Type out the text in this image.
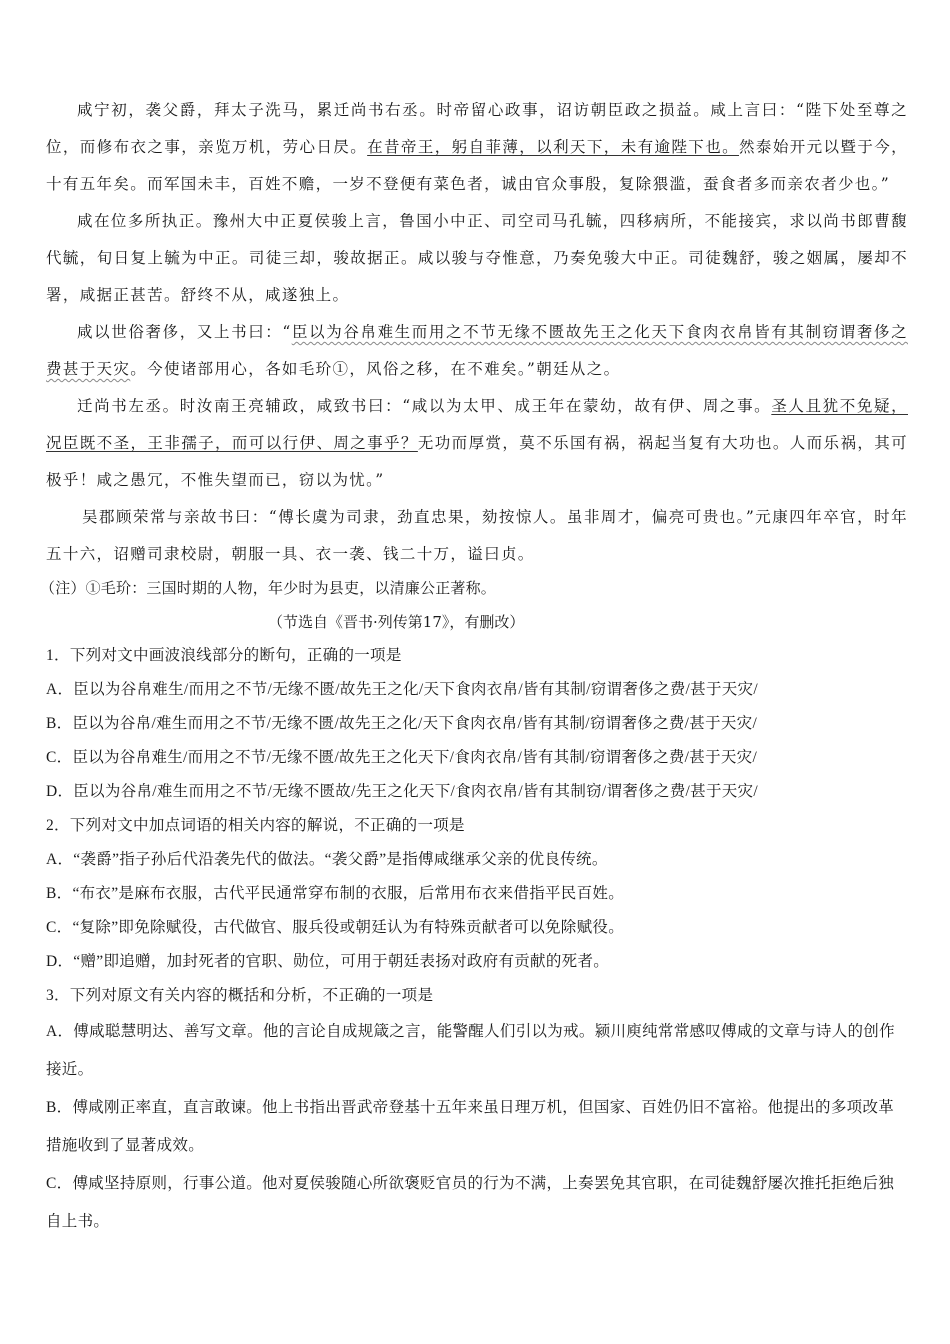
咸宁初，袭父爵，拜太子洗马，累迁尚书右丞。时帝留心政事，诏访朝臣政之损益。咸上言曰：“陛下处至尊之位，而修布衣之事，亲览万机，劳心日昃。在昔帝王，躬自菲薄，以利天下，未有逾陛下也。然泰始开元以暨于今，十有五年矣。而军国未丰，百姓不赡，一岁不登便有菜色者，诚由官众事殷，复除猥滥，蚕食者多而亲农者少也。”

咸在位多所执正。豫州大中正夏侯骏上言，鲁国小中正、司空司马孔毓，四移病所，不能接宾，求以尚书郎曹馥代毓，旬日复上毓为中正。司徒三却，骏故据正。咸以骏与夺惟意，乃奏免骏大中正。司徒魏舒，骏之姻属，屡却不署，咸据正甚苦。舒终不从，咸遂独上。

咸以世俗奢侈，又上书曰：“臣以为谷帛难生而用之不节无缘不匮故先王之化天下食肉衣帛皆有其制窃谓奢侈之费甚于天灾。今使诸部用心，各如毛玠①，风俗之移，在不难矣。”朝廷从之。

迁尚书左丞。时汝南王亮辅政，咸致书曰：“咸以为太甲、成王年在蒙幼，故有伊、周之事。圣人且犹不免疑，况臣既不圣，王非孺子，而可以行伊、周之事乎？无功而厚赏，莫不乐国有祸，祸起当复有大功也。人而乐祸，其可极乎！咸之愚冗，不惟失望而已，窃以为忧。”

吴郡顾荣常与亲故书曰：“傅长虞为司隶，劲直忠果，劾按惊人。虽非周才，偏亮可贵也。”元康四年卒官，时年五十六，诏赠司隶校尉，朝服一具、衣一袭、钱二十万，谥曰贞。

（注）①毛玠：三国时期的人物，年少时为县吏，以清廉公正著称。

（节选自《晋书·列传第17》，有删改）

1．下列对文中画波浪线部分的断句，正确的一项是

A．臣以为谷帛难生/而用之不节/无缘不匮/故先王之化/天下食肉衣帛/皆有其制/窃谓奢侈之费/甚于天灾/

B．臣以为谷帛/难生而用之不节/无缘不匮/故先王之化/天下食肉衣帛/皆有其制/窃谓奢侈之费/甚于天灾/

C．臣以为谷帛难生/而用之不节/无缘不匮/故先王之化天下/食肉衣帛/皆有其制/窃谓奢侈之费/甚于天灾/

D．臣以为谷帛/难生而用之不节/无缘不匮故/先王之化天下/食肉衣帛/皆有其制窃/谓奢侈之费/甚于天灾/

2．下列对文中加点词语的相关内容的解说，不正确的一项是

A．“袭爵”指子孙后代沿袭先代的做法。“袭父爵”是指傅咸继承父亲的优良传统。

B．“布衣”是麻布衣服，古代平民通常穿布制的衣服，后常用布衣来借指平民百姓。

C．“复除”即免除赋役，古代做官、服兵役或朝廷认为有特殊贡献者可以免除赋役。

D．“赠”即追赠，加封死者的官职、勋位，可用于朝廷表扬对政府有贡献的死者。

3．下列对原文有关内容的概括和分析，不正确的一项是

A．傅咸聪慧明达、善写文章。他的言论自成规箴之言，能警醒人们引以为戒。颍川庾纯常常感叹傅咸的文章与诗人的创作接近。

B．傅咸刚正率直，直言敢谏。他上书指出晋武帝登基十五年来虽日理万机，但国家、百姓仍旧不富裕。他提出的多项改革措施收到了显著成效。

C．傅咸坚持原则，行事公道。他对夏侯骏随心所欲褒贬官员的行为不满，上奏罢免其官职，在司徒魏舒屡次推托拒绝后独自上书。
